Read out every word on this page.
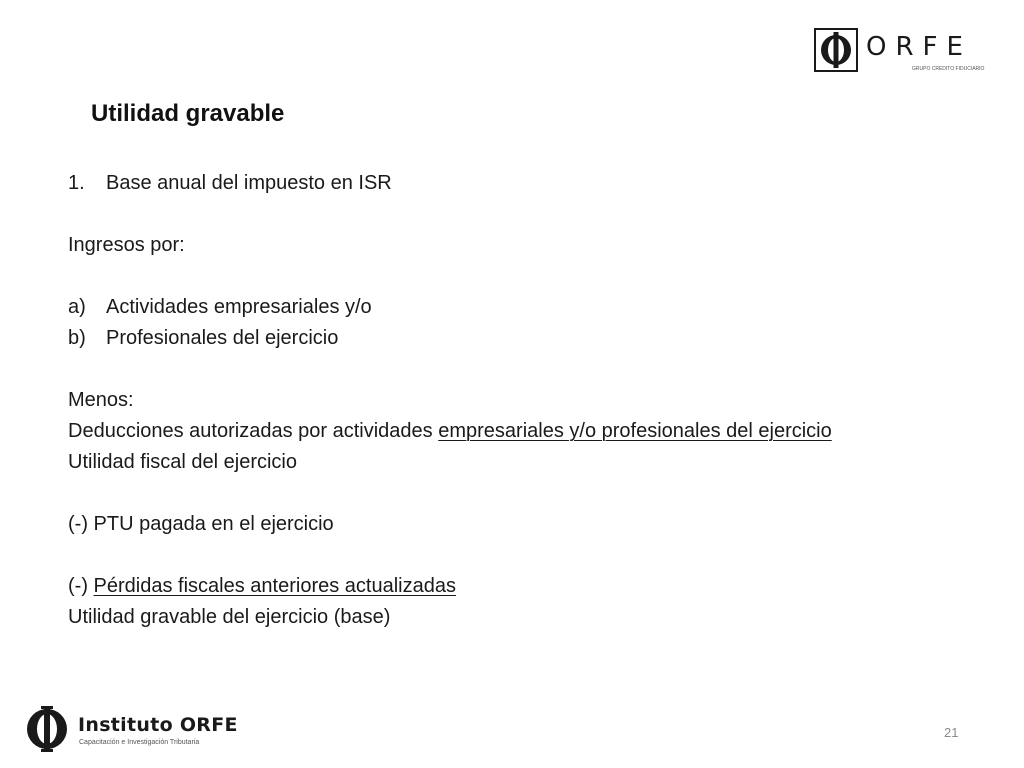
ORFE
GRUPO CREDITO FIDUCIARIO
Utilidad gravable
1. Base anual del impuesto en ISR
Ingresos por:
a) Actividades empresariales y/o
b) Profesionales del ejercicio
Menos:
Deducciones autorizadas por actividades empresariales y/o profesionales del ejercicio
Utilidad fiscal del ejercicio
(-) PTU pagada en el ejercicio
(-) Pérdidas fiscales anteriores actualizadas
Utilidad gravable del ejercicio (base)
Instituto ORFE
Capacitación e Investigación Tributaria
21
